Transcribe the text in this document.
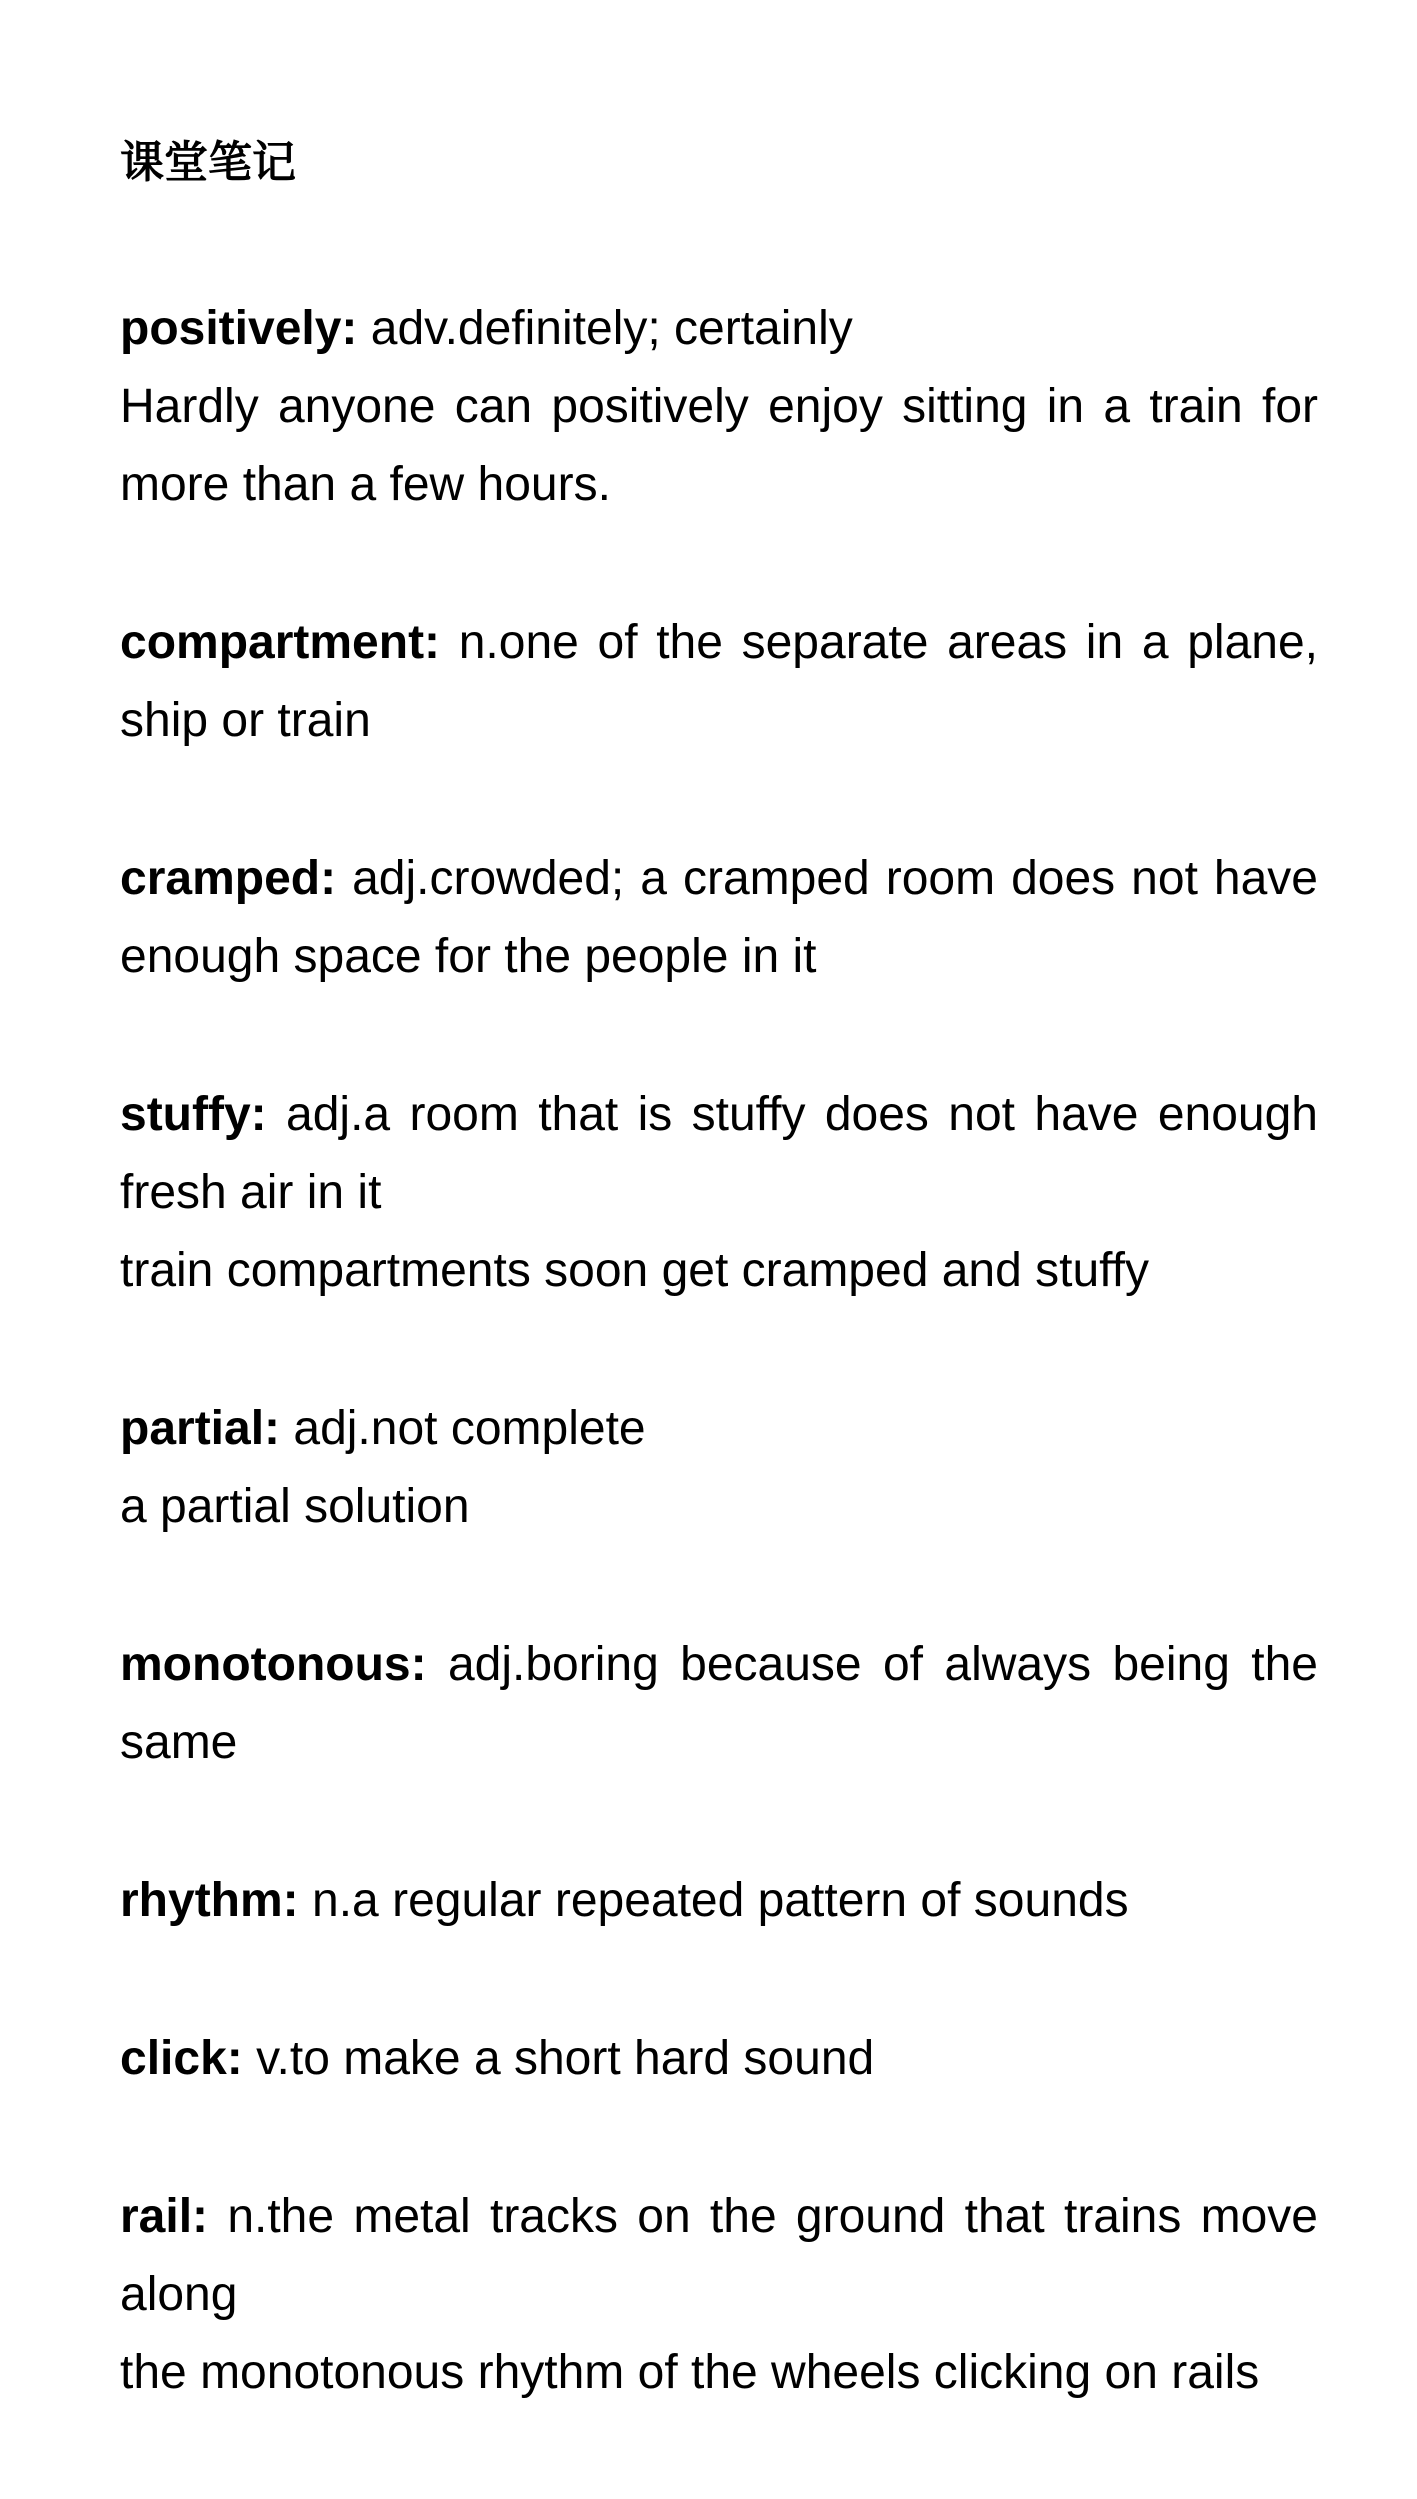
课堂笔记

positively: adv.definitely; certainly
Hardly anyone can positively enjoy sitting in a train for more than a few hours.

compartment: n.one of the separate areas in a plane, ship or train

cramped: adj.crowded; a cramped room does not have enough space for the people in it

stuffy: adj.a room that is stuffy does not have enough fresh air in it
train compartments soon get cramped and stuffy

partial: adj.not complete
a partial solution

monotonous: adj.boring because of always being the same

rhythm: n.a regular repeated pattern of sounds

click: v.to make a short hard sound

rail: n.the metal tracks on the ground that trains move along
the monotonous rhythm of the wheels clicking on rails
